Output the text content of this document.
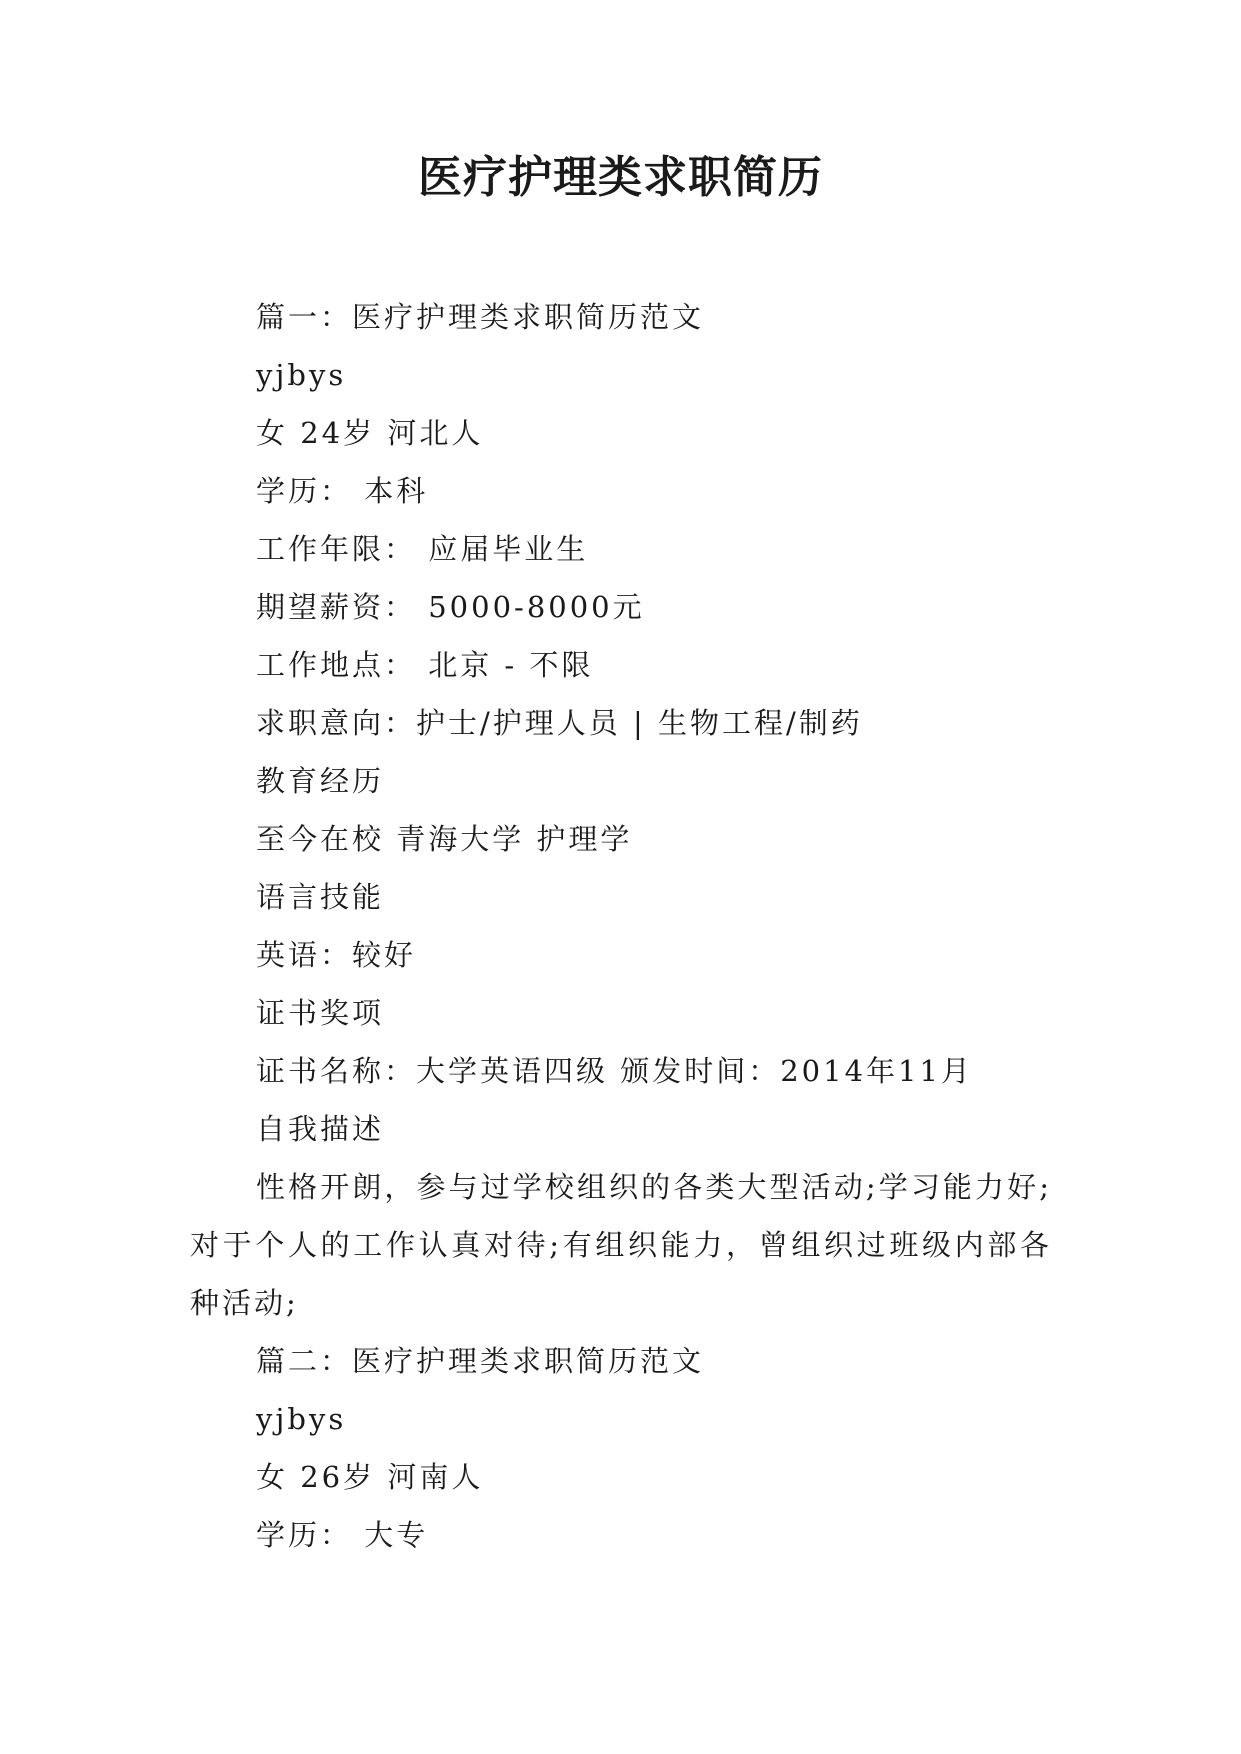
医疗护理类求职简历

篇一：医疗护理类求职简历范文

yjbys

女 24岁 河北人

学历： 本科

工作年限： 应届毕业生

期望薪资： 5000-8000元

工作地点： 北京 - 不限

求职意向：护士/护理人员 | 生物工程/制药

教育经历

至今在校 青海大学 护理学

语言技能

英语：较好

证书奖项

证书名称：大学英语四级 颁发时间：2014年11月

自我描述

性格开朗，参与过学校组织的各类大型活动;学习能力好;对于个人的工作认真对待;有组织能力，曾组织过班级内部各种活动;

篇二：医疗护理类求职简历范文

yjbys

女 26岁 河南人

学历： 大专
